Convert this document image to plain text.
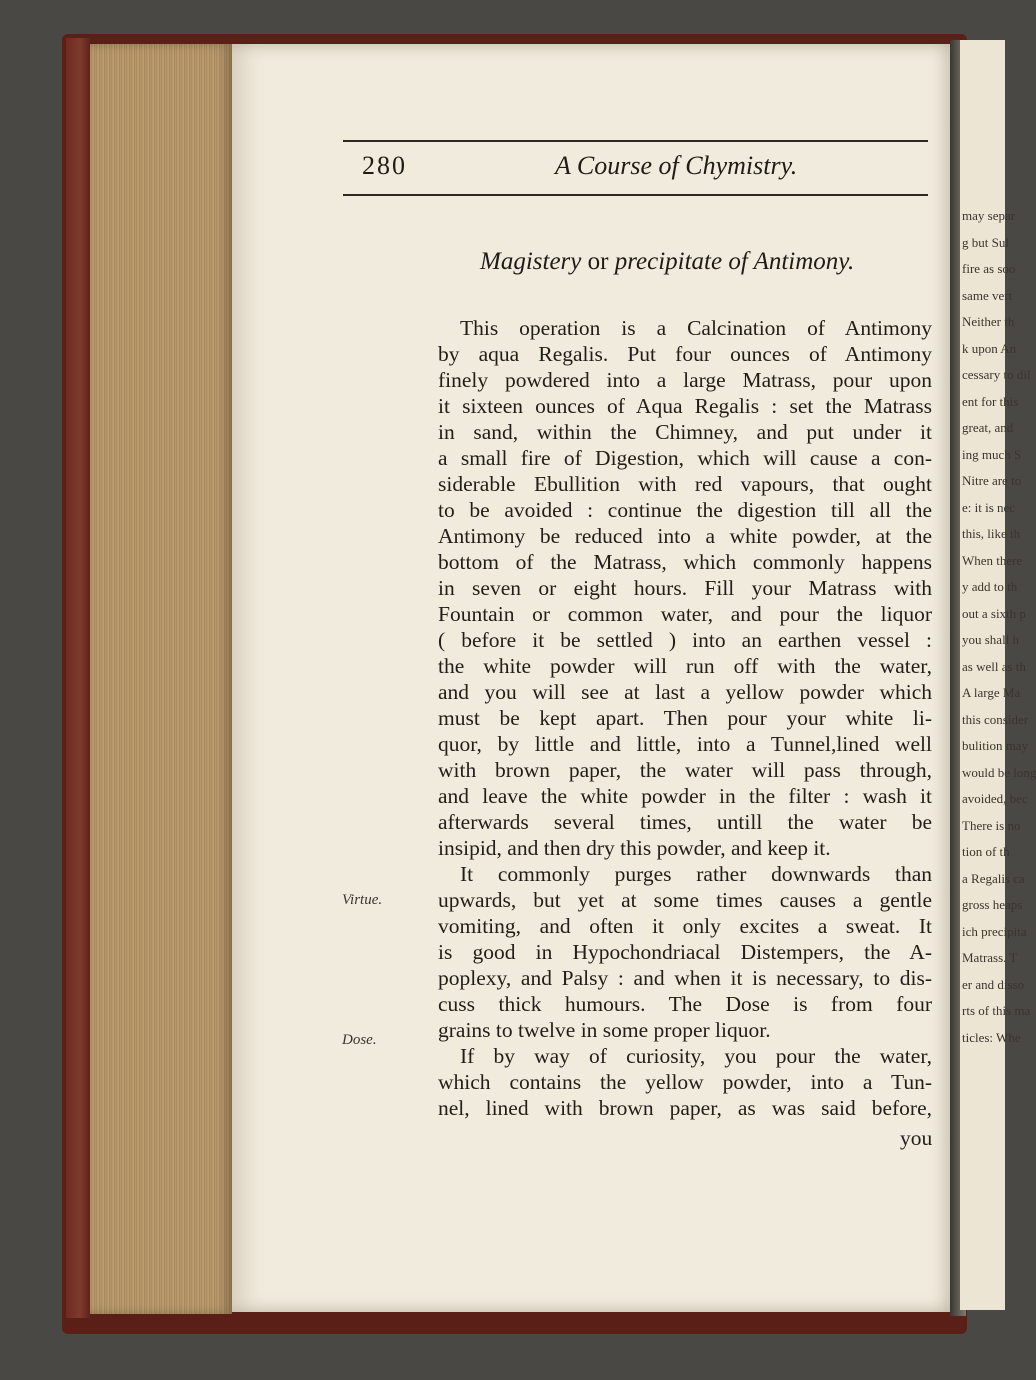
may separ
g but Sul
fire as soo
same vert
Neither th
k upon An
cessary to dil
ent for this
great, and
ing much S
Nitre are to
e: it is nec
this, like th
When there
y add to th
out a sixth p
you shall h
as well as th
A large Ma
this consider
bulition may
would be long
avoided, bec
There is no
tion of th
a Regalis ca
gross heaps
ich precipita
Matrass. T
er and disso
rts of this ma
ticles: Whe
280	A Course of Chymistry.
Magistery or precipitate of Antimony.
Virtue.
Dose.
This operation is a Calcination of Antimony
by aqua Regalis. Put four ounces of Antimony
finely powdered into a large Matrass, pour upon
it sixteen ounces of Aqua Regalis : set the Matrass
in sand, within the Chimney, and put under it
a small fire of Digestion, which will cause a con-
siderable Ebullition with red vapours, that ought
to be avoided : continue the digestion till all the
Antimony be reduced into a white powder, at the
bottom of the Matrass, which commonly happens
in seven or eight hours. Fill your Matrass with
Fountain or common water, and pour the liquor
( before it be settled ) into an earthen vessel :
the white powder will run off with the water,
and you will see at last a yellow powder which
must be kept apart. Then pour your white li-
quor, by little and little, into a Tunnel,lined well
with brown paper, the water will pass through,
and leave the white powder in the filter : wash it
afterwards several times, untill the water be
insipid, and then dry this powder, and keep it.
It commonly purges rather downwards than
upwards, but yet at some times causes a gentle
vomiting, and often it only excites a sweat. It
is good in Hypochondriacal Distempers, the A-
poplexy, and Palsy : and when it is necessary, to dis-
cuss thick humours. The Dose is from four
grains to twelve in some proper liquor.
If by way of curiosity, you pour the water,
which contains the yellow powder, into a Tun-
nel, lined with brown paper, as was said before,
you
